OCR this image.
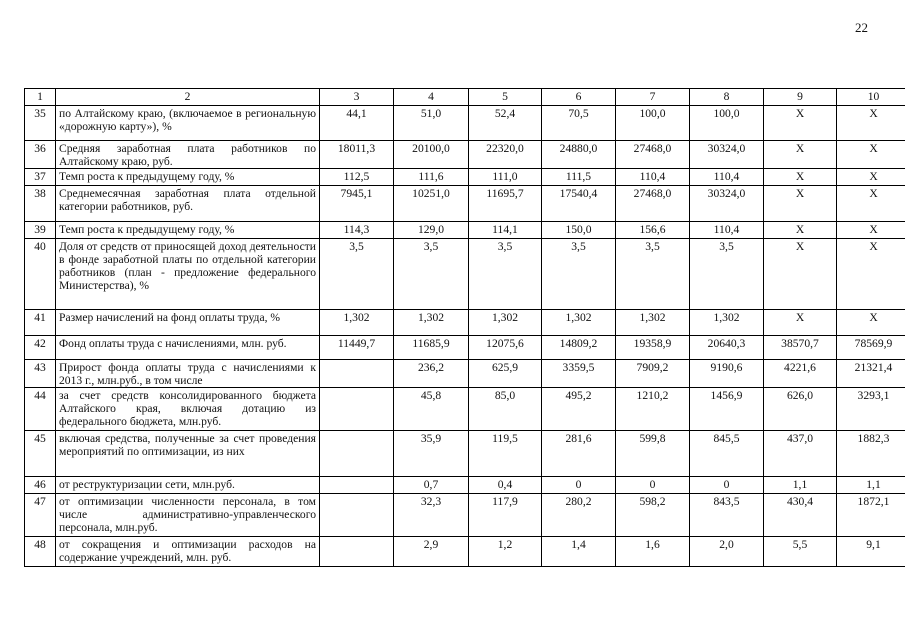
22
1	2	3	4	5	6	7	8	9	10
35	по Алтайскому краю, (включаемое в региональную «дорожную карту»), %	44,1	51,0	52,4	70,5	100,0	100,0	X	X
36	Средняя заработная плата работников по Алтайскому краю, руб.	18011,3	20100,0	22320,0	24880,0	27468,0	30324,0	X	X
37	Темп роста к предыдущему году, %	112,5	111,6	111,0	111,5	110,4	110,4	X	X
38	Среднемесячная заработная плата отдельной категории работников, руб.	7945,1	10251,0	11695,7	17540,4	27468,0	30324,0	X	X
39	Темп роста к предыдущему году, %	114,3	129,0	114,1	150,0	156,6	110,4	X	X
40	Доля от средств от приносящей доход деятельности в фонде заработной платы по отдельной категории работников (план - предложение федерального Министерства), %	3,5	3,5	3,5	3,5	3,5	3,5	X	X
41	Размер начислений на фонд оплаты труда, %	1,302	1,302	1,302	1,302	1,302	1,302	X	X
42	Фонд оплаты труда с начислениями, млн. руб.	11449,7	11685,9	12075,6	14809,2	19358,9	20640,3	38570,7	78569,9
43	Прирост фонда оплаты труда с начислениями к 2013 г., млн.руб., в том числе		236,2	625,9	3359,5	7909,2	9190,6	4221,6	21321,4
44	за счет средств консолидированного бюджета Алтайского края, включая дотацию из федерального бюджета, млн.руб.		45,8	85,0	495,2	1210,2	1456,9	626,0	3293,1
45	включая средства, полученные за счет проведения мероприятий по оптимизации, из них		35,9	119,5	281,6	599,8	845,5	437,0	1882,3
46	от реструктуризации сети, млн.руб.		0,7	0,4	0	0	0	1,1	1,1
47	от оптимизации численности персонала, в том числе административно-управленческого персонала, млн.руб.		32,3	117,9	280,2	598,2	843,5	430,4	1872,1
48	от сокращения и оптимизации расходов на содержание учреждений, млн. руб.		2,9	1,2	1,4	1,6	2,0	5,5	9,1
